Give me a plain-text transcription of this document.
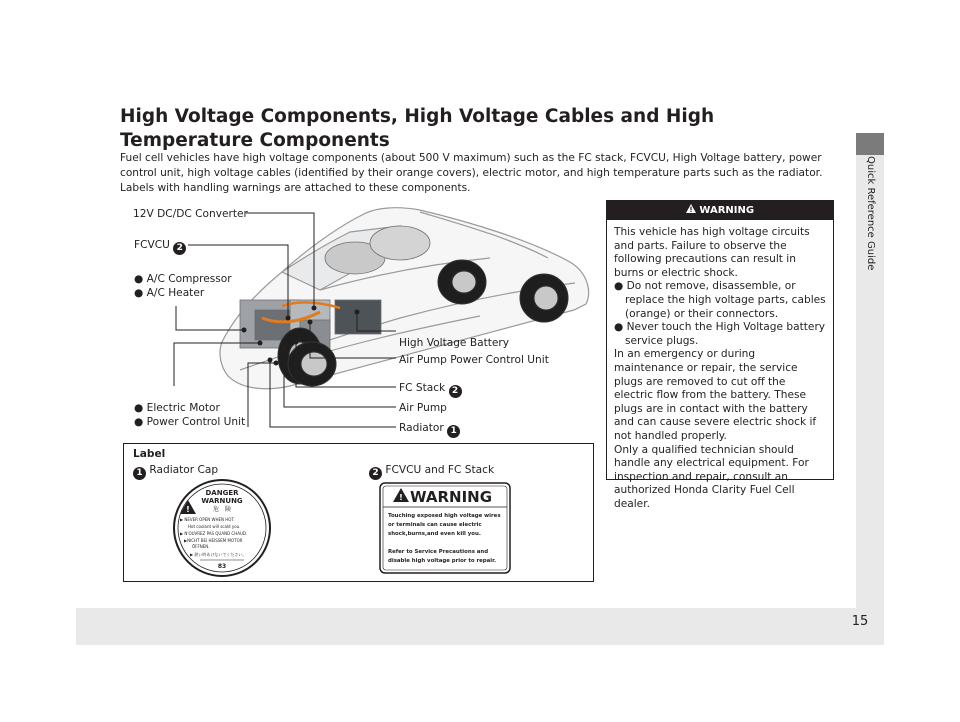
Quick Reference Guide
15
High Voltage Components, High Voltage Cables and High Temperature Components

Fuel cell vehicles have high voltage components (about 500 V maximum) such as the FC stack, FCVCU, High Voltage battery, power control unit, high voltage cables (identified by their orange covers), electric motor, and high temperature parts such as the radiator. Labels with handling warnings are attached to these components.

12V DC/DC Converter
FCVCU 2
● A/C Compressor
● A/C Heater
High Voltage Battery
Air Pump Power Control Unit
FC Stack 2
● Electric Motor
● Power Control Unit
Air Pump
Radiator 1
WARNING

This vehicle has high voltage circuits and parts. Failure to observe the following precautions can result in burns or electric shock.

● Do not remove, disassemble, or replace the high voltage parts, cables (orange) or their connectors.

● Never touch the High Voltage battery service plugs.

In an emergency or during maintenance or repair, the service plugs are removed to cut off the electric flow from the battery. These plugs are in contact with the battery and can cause severe electric shock if not handled properly.

Only a qualified technician should handle any electrical equipment. For inspection and repair, consult an authorized Honda Clarity Fuel Cell dealer.

Label
1 Radiator Cap	2 FCVCU and FC Stack
!
DANGER
WARNUNG
危　険
▶ NEVER OPEN WHEN HOT.
Hot coolant will scald you.
▶ N'OUVREZ PAS QUAND CHAUD.
▶NICHT BEI HEISSEM MOTOR
ÖFFNEN.
▶ 熱い時あけないでください。
83
! WARNING
Touching exposed high voltage wires
or terminals can cause electric
shock,burns,and even kill you.
Refer to Service Precautions and
disable high voltage prior to repair.
